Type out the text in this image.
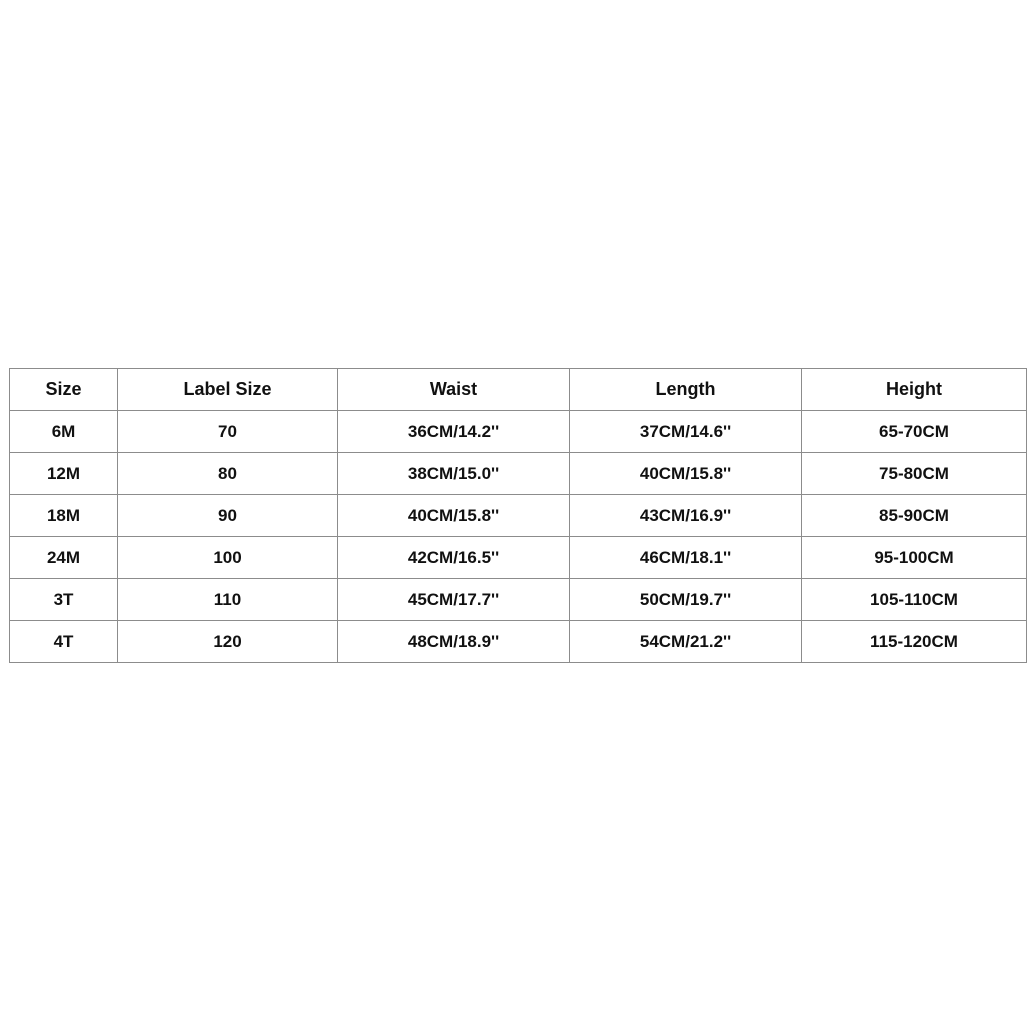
Size	Label Size	Waist	Length	Height
6M	70	36CM/14.2''	37CM/14.6''	65-70CM
12M	80	38CM/15.0''	40CM/15.8''	75-80CM
18M	90	40CM/15.8''	43CM/16.9''	85-90CM
24M	100	42CM/16.5''	46CM/18.1''	95-100CM
3T	110	45CM/17.7''	50CM/19.7''	105-110CM
4T	120	48CM/18.9''	54CM/21.2''	115-120CM
